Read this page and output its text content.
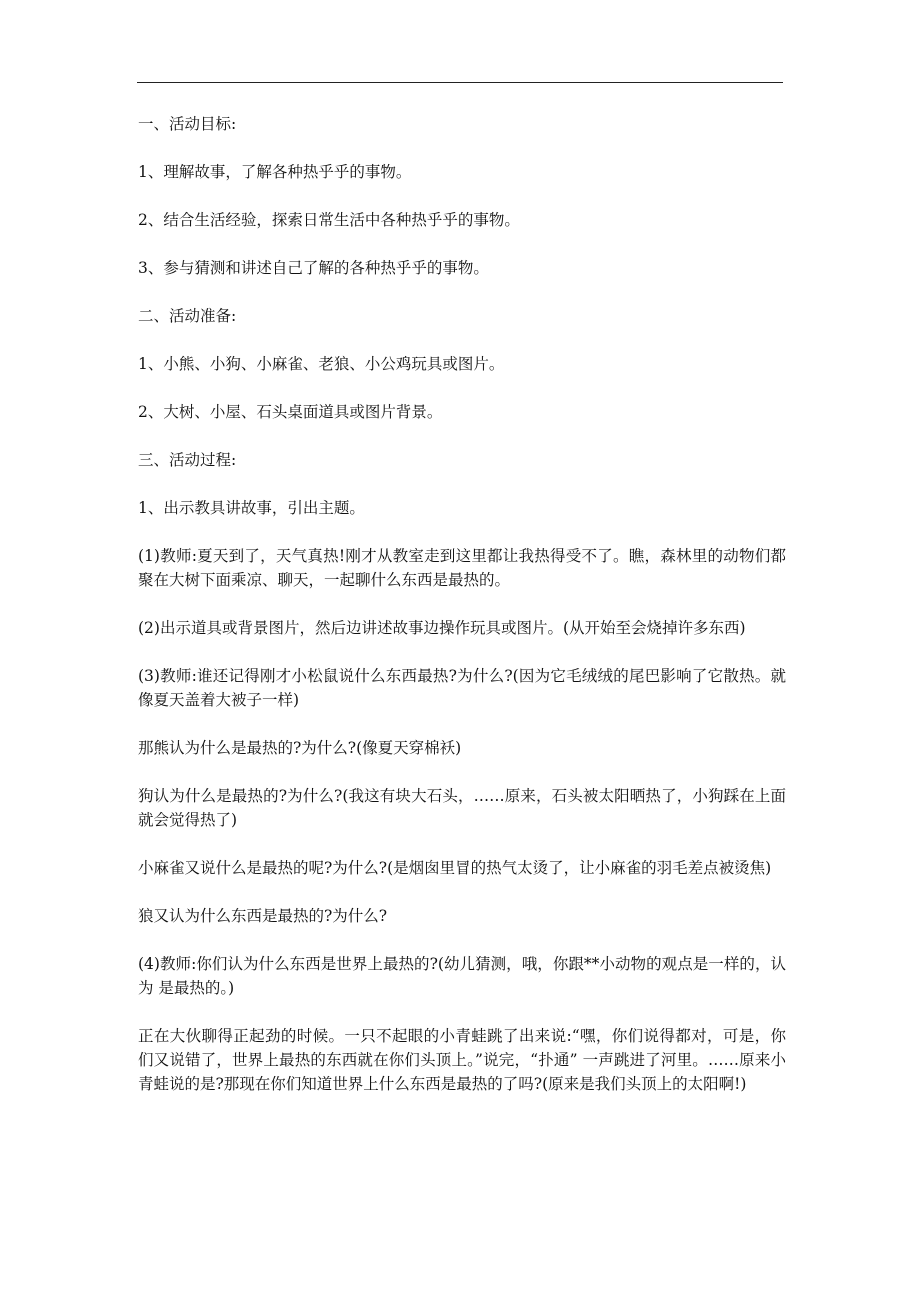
一、活动目标:

1、理解故事，了解各种热乎乎的事物。

2、结合生活经验，探索日常生活中各种热乎乎的事物。

3、参与猜测和讲述自己了解的各种热乎乎的事物。

二、活动准备:

1、小熊、小狗、小麻雀、老狼、小公鸡玩具或图片。

2、大树、小屋、石头桌面道具或图片背景。

三、活动过程:

1、出示教具讲故事，引出主题。

(1)教师:夏天到了，天气真热!刚才从教室走到这里都让我热得受不了。瞧，森林里的动物们都聚在大树下面乘凉、聊天，一起聊什么东西是最热的。

(2)出示道具或背景图片，然后边讲述故事边操作玩具或图片。(从开始至会烧掉许多东西)

(3)教师:谁还记得刚才小松鼠说什么东西最热?为什么?(因为它毛绒绒的尾巴影响了它散热。就像夏天盖着大被子一样)

那熊认为什么是最热的?为什么?(像夏天穿棉袄)

狗认为什么是最热的?为什么?(我这有块大石头，……原来，石头被太阳晒热了，小狗踩在上面就会觉得热了)

小麻雀又说什么是最热的呢?为什么?(是烟囱里冒的热气太烫了，让小麻雀的羽毛差点被烫焦)

狼又认为什么东西是最热的?为什么?

(4)教师:你们认为什么东西是世界上最热的?(幼儿猜测，哦，你跟**小动物的观点是一样的，认为 是最热的。)

正在大伙聊得正起劲的时候。一只不起眼的小青蛙跳了出来说:“嘿，你们说得都对，可是，你们又说错了，世界上最热的东西就在你们头顶上。”说完，“扑通” 一声跳进了河里。……原来小青蛙说的是?那现在你们知道世界上什么东西是最热的了吗?(原来是我们头顶上的太阳啊!)
